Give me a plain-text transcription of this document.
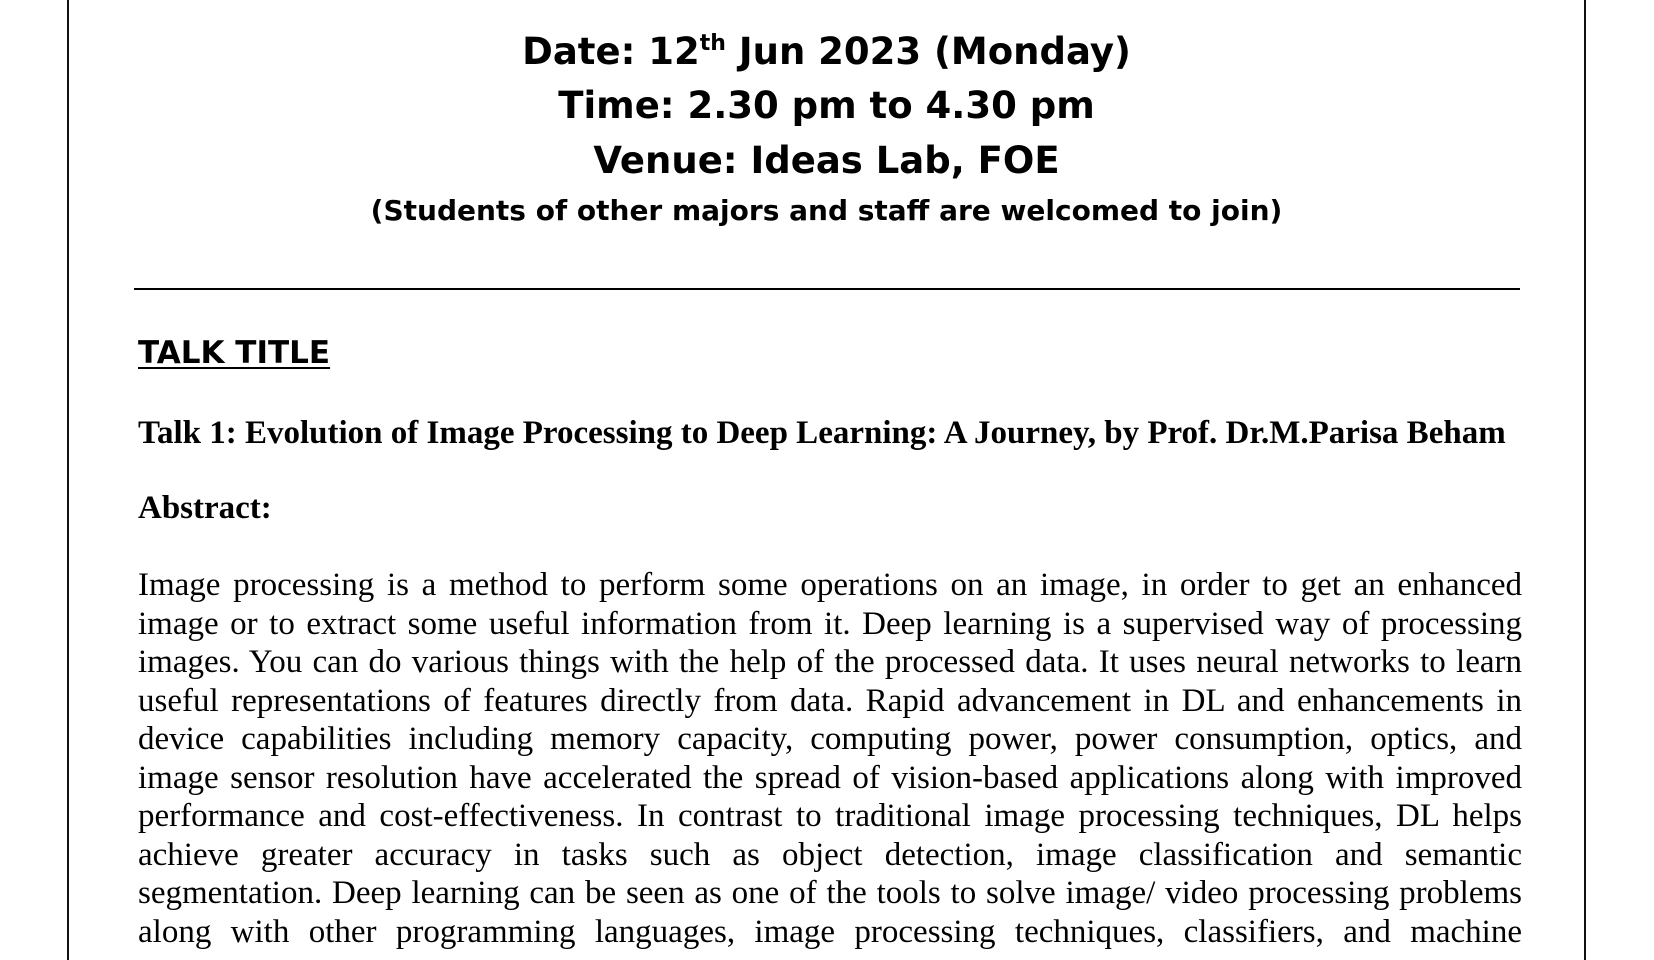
Date: 12th Jun 2023 (Monday)
Time: 2.30 pm to 4.30 pm
Venue: Ideas Lab, FOE
(Students of other majors and staff are welcomed to join)
TALK TITLE
Talk 1: Evolution of Image Processing to Deep Learning: A Journey, by Prof. Dr.M.Parisa Beham
Abstract:
Image processing is a method to perform some operations on an image, in order to get an enhanced
image or to extract some useful information from it. Deep learning is a supervised way of processing
images. You can do various things with the help of the processed data. It uses neural networks to learn
useful representations of features directly from data. Rapid advancement in DL and enhancements in
device capabilities including memory capacity, computing power, power consumption, optics, and
image sensor resolution have accelerated the spread of vision-based applications along with improved
performance and cost-effectiveness. In contrast to traditional image processing techniques, DL helps
achieve greater accuracy in tasks such as object detection, image classification and semantic
segmentation. Deep learning can be seen as one of the tools to solve image/ video processing problems
along with other programming languages, image processing techniques, classifiers, and machine
